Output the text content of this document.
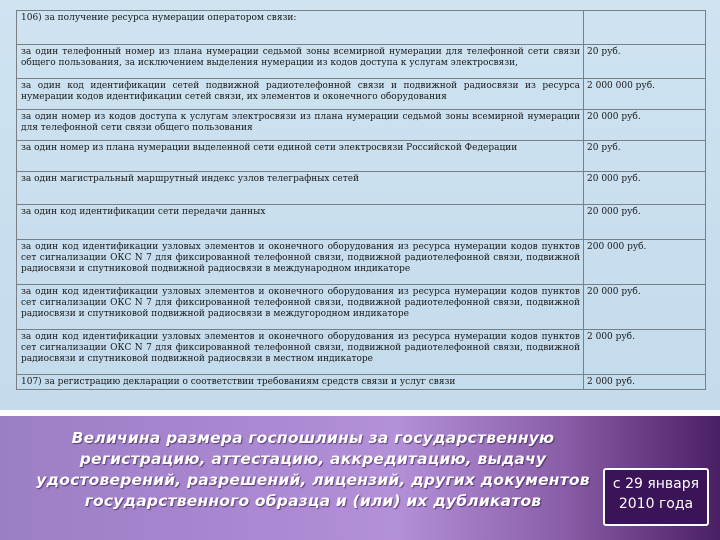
106) за получение ресурса нумерации оператором связи:	
за один телефонный номер из плана нумерации седьмой зоны всемирной нумерации для телефонной сети связи общего пользования, за исключением выделения нумерации из кодов доступа к услугам электросвязи,	20 руб.
за один код идентификации сетей подвижной радиотелефонной связи и подвижной радиосвязи из ресурса нумерации кодов идентификации сетей связи, их элементов и оконечного оборудования	2 000 000 руб.
за один номер из кодов доступа к услугам электросвязи из плана нумерации седьмой зоны всемирной нумерации для телефонной сети связи общего пользования	20 000 руб.
за один номер из плана нумерации выделенной сети единой сети электросвязи Российской Федерации	20 руб.
за один магистральный маршрутный индекс узлов телеграфных сетей	20 000 руб.
за один код идентификации сети передачи данных	20 000 руб.
за один код идентификации узловых элементов и оконечного оборудования из ресурса нумерации кодов пунктов сет сигнализации ОКС N 7 для фиксированной телефонной связи, подвижной радиотелефонной связи, подвижной радиосвязи и спутниковой подвижной радиосвязи в международном индикаторе	200 000 руб.
за один код идентификации узловых элементов и оконечного оборудования из ресурса нумерации кодов пунктов сет сигнализации ОКС N 7 для фиксированной телефонной связи, подвижной радиотелефонной связи, подвижной радиосвязи и спутниковой подвижной радиосвязи в междугородном индикаторе	20 000 руб.
за один код идентификации узловых элементов и оконечного оборудования из ресурса нумерации кодов пунктов сет сигнализации ОКС N 7 для фиксированной телефонной связи, подвижной радиотелефонной связи, подвижной радиосвязи и спутниковой подвижной радиосвязи в местном индикаторе	2 000 руб.
107) за регистрацию декларации о соответствии требованиям средств связи и услуг связи	2 000 руб.
Величина размера госпошлины за государственную
регистрацию, аттестацию, аккредитацию, выдачу
удостоверений, разрешений, лицензий, других документов
государственного образца и (или) их дубликатов
с 29 января
2010 года
